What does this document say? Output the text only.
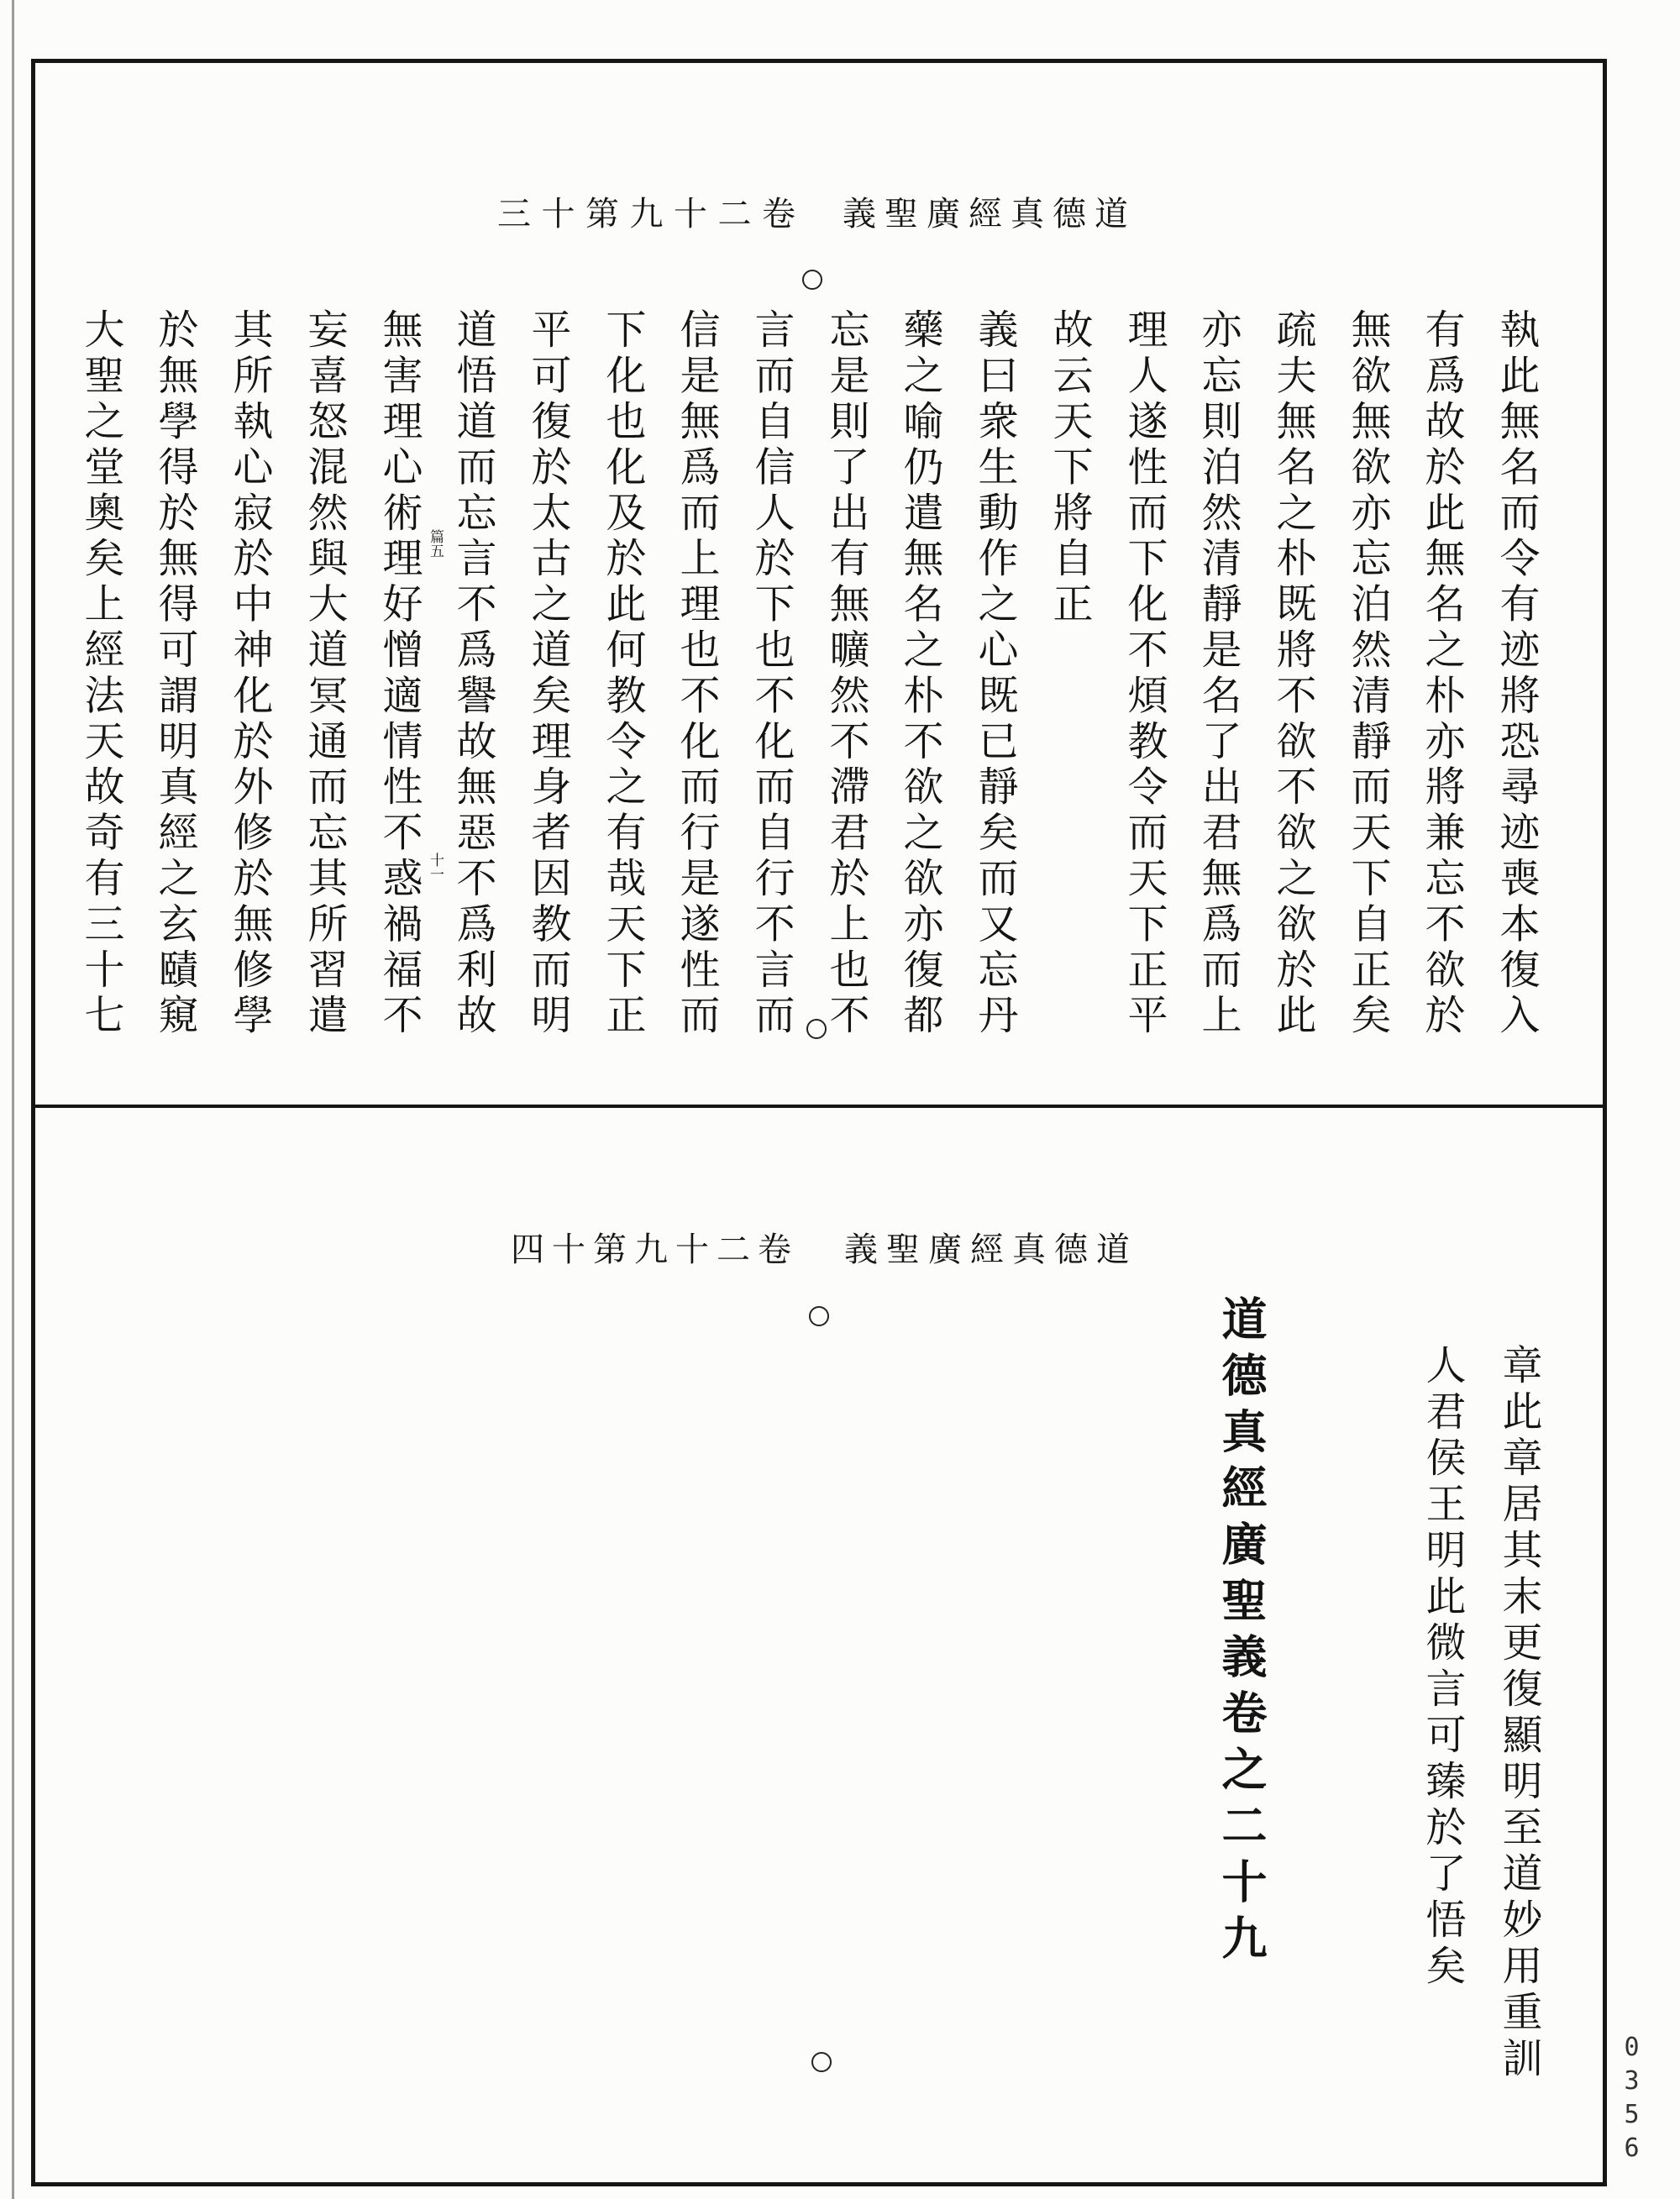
卷二十九第十三 道德真經廣聖義
執此無名而令有迹將恐尋迹喪本復入
有爲故於此無名之朴亦將兼忘不欲於
無欲無欲亦忘泊然清靜而天下自正矣
疏夫無名之朴既將不欲不欲之欲於此
亦忘則泊然清靜是名了出君無爲而上
理人遂性而下化不煩教令而天下正平
故云天下將自正
義曰衆生動作之心既已靜矣而又忘丹
藥之喻仍遣無名之朴不欲之欲亦復都
忘是則了出有無曠然不滯君於上也不
言而自信人於下也不化而自行不言而
信是無爲而上理也不化而行是遂性而
下化也化及於此何教令之有哉天下正
平可復於太古之道矣理身者因教而明
道悟道而忘言不爲譽故無惡不爲利故
無害理心術理好憎適情性不惑禍福不
妄喜怒混然與大道冥通而忘其所習遣
其所執心寂於中神化於外修於無修學
於無學得於無得可謂明真經之玄賾窺
大聖之堂奧矣上經法天故奇有三十七	篇五
十一
卷二十九第十四 道德真經廣聖義
章此章居其末更復顯明至道妙用重訓
人君侯王明此微言可臻於了悟矣
道德真經廣聖義卷之二十九
0356
